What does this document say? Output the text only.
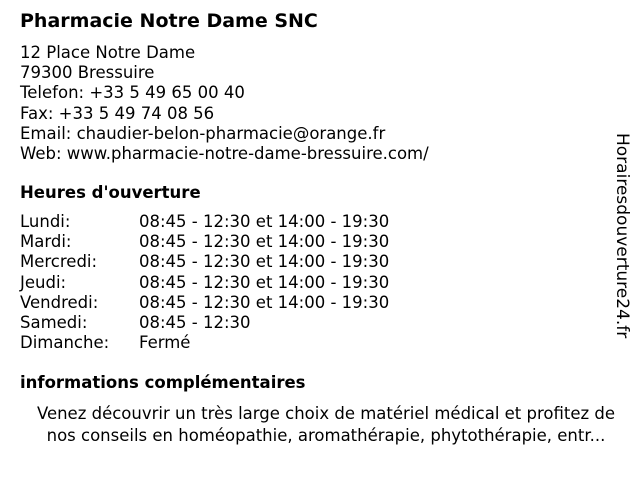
Pharmacie Notre Dame SNC
12 Place Notre Dame
79300 Bressuire
Telefon: +33 5 49 65 00 40
Fax: +33 5 49 74 08 56
Email: chaudier-belon-pharmacie@orange.fr
Web: www.pharmacie-notre-dame-bressuire.com/
Heures d'ouverture
Lundi:	08:45 - 12:30 et 14:00 - 19:30
Mardi:	08:45 - 12:30 et 14:00 - 19:30
Mercredi:	08:45 - 12:30 et 14:00 - 19:30
Jeudi:	08:45 - 12:30 et 14:00 - 19:30
Vendredi: 08:45 - 12:30 et 14:00 - 19:30
Samedi:	08:45 - 12:30
Dimanche: Fermé
informations complémentaires
Venez découvrir un très large choix de matériel médical et profitez de
nos conseils en homéopathie, aromathérapie, phytothérapie, entr...
Horairesdouverture24.fr
